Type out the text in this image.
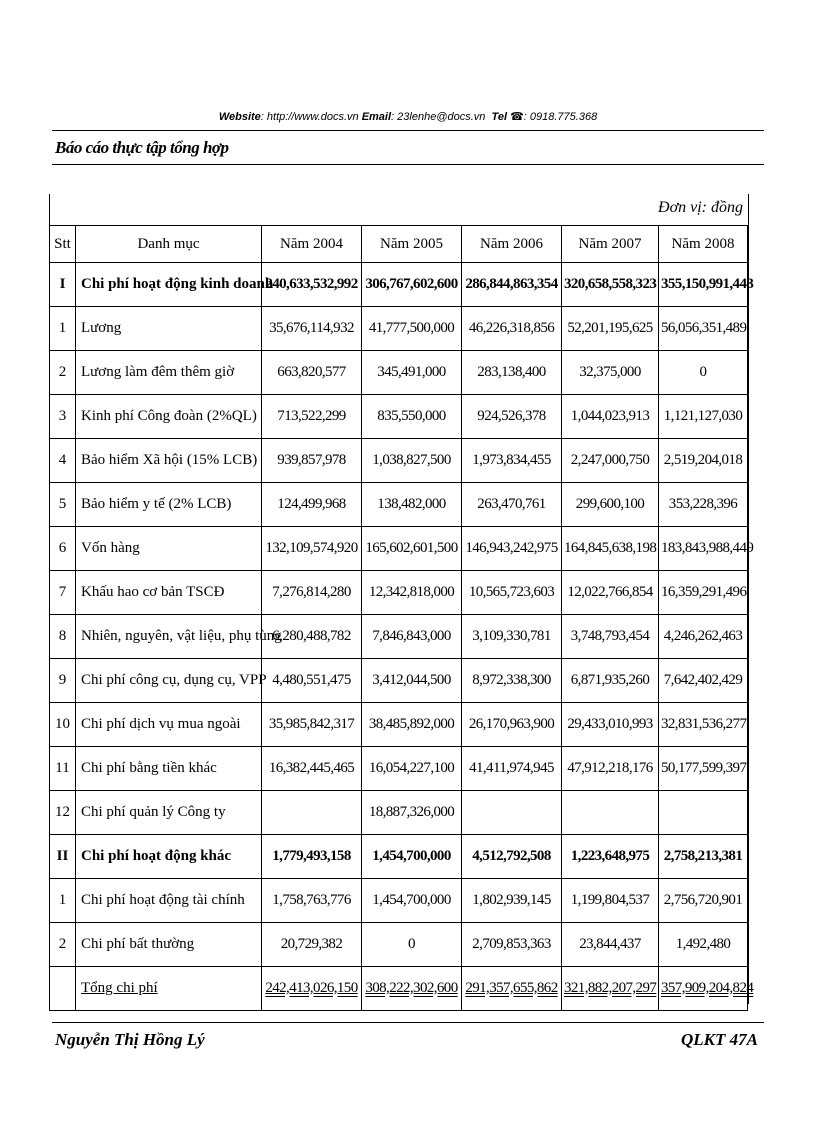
Website: http://www.docs.vn Email: 23lenhe@docs.vn Tel ☎: 0918.775.368
Báo cáo thực tập tổng hợp
Đơn vị: đồng
Stt	Danh mục	Năm 2004	Năm 2005	Năm 2006	Năm 2007	Năm 2008
I	Chi phí hoạt động kinh doanh	240,633,532,992	306,767,602,600	286,844,863,354	320,658,558,323	355,150,991,443
1	Lương	35,676,114,932	41,777,500,000	46,226,318,856	52,201,195,625	56,056,351,489
2	Lương làm đêm thêm giờ	663,820,577	345,491,000	283,138,400	32,375,000	0
3	Kinh phí Công đoàn (2%QL)	713,522,299	835,550,000	924,526,378	1,044,023,913	1,121,127,030
4	Bảo hiểm Xã hội (15% LCB)	939,857,978	1,038,827,500	1,973,834,455	2,247,000,750	2,519,204,018
5	Bảo hiểm y tế (2% LCB)	124,499,968	138,482,000	263,470,761	299,600,100	353,228,396
6	Vốn hàng	132,109,574,920	165,602,601,500	146,943,242,975	164,845,638,198	183,843,988,449
7	Khấu hao cơ bản TSCĐ	7,276,814,280	12,342,818,000	10,565,723,603	12,022,766,854	16,359,291,496
8	Nhiên, nguyên, vật liệu, phụ tùng	6,280,488,782	7,846,843,000	3,109,330,781	3,748,793,454	4,246,262,463
9	Chi phí công cụ, dụng cụ, VPP	4,480,551,475	3,412,044,500	8,972,338,300	6,871,935,260	7,642,402,429
10	Chi phí dịch vụ mua ngoài	35,985,842,317	38,485,892,000	26,170,963,900	29,433,010,993	32,831,536,277
11	Chi phí bằng tiền khác	16,382,445,465	16,054,227,100	41,411,974,945	47,912,218,176	50,177,599,397
12	Chi phí quản lý Công ty		18,887,326,000			
II	Chi phí hoạt động khác	1,779,493,158	1,454,700,000	4,512,792,508	1,223,648,975	2,758,213,381
1	Chi phí hoạt động tài chính	1,758,763,776	1,454,700,000	1,802,939,145	1,199,804,537	2,756,720,901
2	Chi phí bất thường	20,729,382	0	2,709,853,363	23,844,437	1,492,480
	Tổng chi phí	242,413,026,150	308,222,302,600	291,357,655,862	321,882,207,297	357,909,204,824
Nguyễn Thị Hồng Lý	QLKT 47A
